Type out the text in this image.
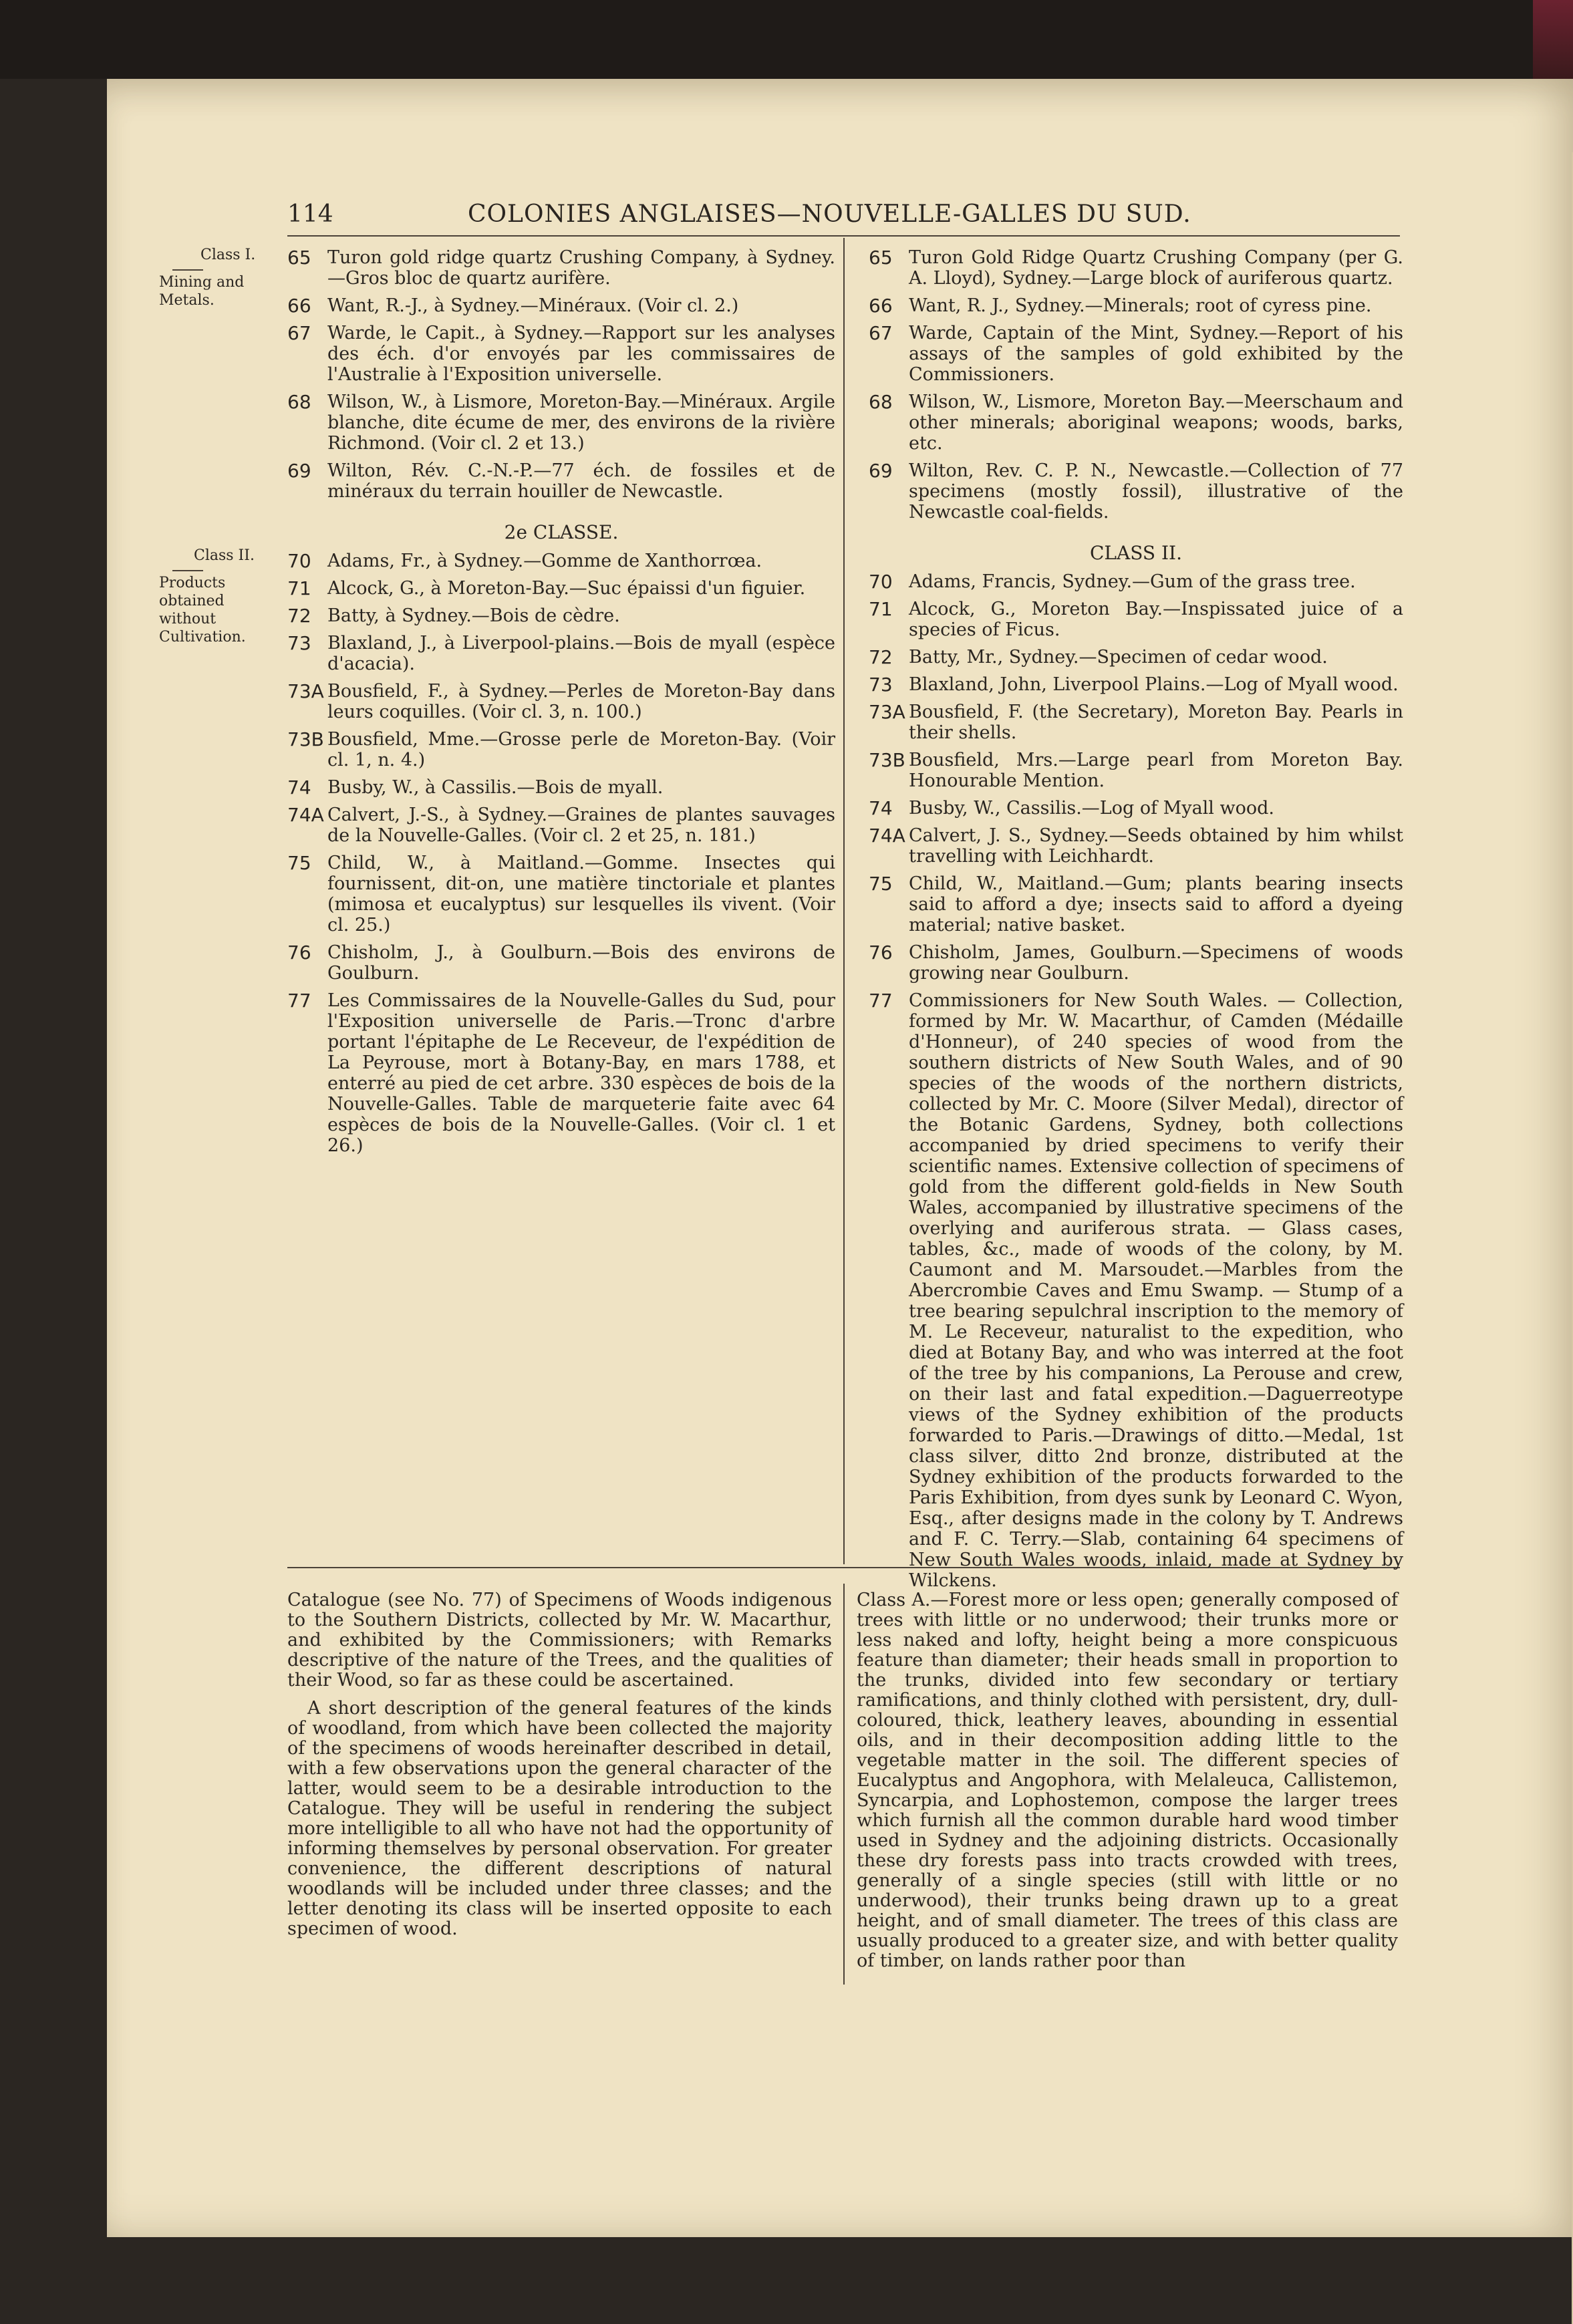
114	COLONIES ANGLAISES—NOUVELLE-GALLES DU SUD.
Class I.
Mining and Metals.
Class II.
Products obtained without Cultivation.
65 Turon gold ridge quartz Crushing Company, à Sydney.—Gros bloc de quartz aurifère.
66 Want, R.-J., à Sydney.—Minéraux. (Voir cl. 2.)
67 Warde, le Capit., à Sydney.—Rapport sur les analyses des éch. d'or envoyés par les commissaires de l'Australie à l'Exposition universelle.
68 Wilson, W., à Lismore, Moreton-Bay.—Minéraux. Argile blanche, dite écume de mer, des environs de la rivière Richmond. (Voir cl. 2 et 13.)
69 Wilton, Rév. C.-N.-P.—77 éch. de fossiles et de minéraux du terrain houiller de Newcastle.
2e CLASSE.
70 Adams, Fr., à Sydney.—Gomme de Xanthorrœa.
71 Alcock, G., à Moreton-Bay.—Suc épaissi d'un figuier.
72 Batty, à Sydney.—Bois de cèdre.
73 Blaxland, J., à Liverpool-plains.—Bois de myall (espèce d'acacia).
73A Bousfield, F., à Sydney.—Perles de Moreton-Bay dans leurs coquilles. (Voir cl. 3, n. 100.)
73B Bousfield, Mme.—Grosse perle de Moreton-Bay. (Voir cl. 1, n. 4.)
74 Busby, W., à Cassilis.—Bois de myall.
74A Calvert, J.-S., à Sydney.—Graines de plantes sauvages de la Nouvelle-Galles. (Voir cl. 2 et 25, n. 181.)
75 Child, W., à Maitland.—Gomme. Insectes qui fournissent, dit-on, une matière tinctoriale et plantes (mimosa et eucalyptus) sur lesquelles ils vivent. (Voir cl. 25.)
76 Chisholm, J., à Goulburn.—Bois des environs de Goulburn.
77 Les Commissaires de la Nouvelle-Galles du Sud, pour l'Exposition universelle de Paris.—Tronc d'arbre portant l'épitaphe de Le Receveur, de l'expédition de La Peyrouse, mort à Botany-Bay, en mars 1788, et enterré au pied de cet arbre. 330 espèces de bois de la Nouvelle-Galles. Table de marqueterie faite avec 64 espèces de bois de la Nouvelle-Galles. (Voir cl. 1 et 26.)
65 Turon Gold Ridge Quartz Crushing Company (per G. A. Lloyd), Sydney.—Large block of auriferous quartz.
66 Want, R. J., Sydney.—Minerals; root of cyress pine.
67 Warde, Captain of the Mint, Sydney.—Report of his assays of the samples of gold exhibited by the Commissioners.
68 Wilson, W., Lismore, Moreton Bay.—Meerschaum and other minerals; aboriginal weapons; woods, barks, etc.
69 Wilton, Rev. C. P. N., Newcastle.—Collection of 77 specimens (mostly fossil), illustrative of the Newcastle coal-fields.
CLASS II.
70 Adams, Francis, Sydney.—Gum of the grass tree.
71 Alcock, G., Moreton Bay.—Inspissated juice of a species of Ficus.
72 Batty, Mr., Sydney.—Specimen of cedar wood.
73 Blaxland, John, Liverpool Plains.—Log of Myall wood.
73A Bousfield, F. (the Secretary), Moreton Bay. Pearls in their shells.
73B Bousfield, Mrs.—Large pearl from Moreton Bay. Honourable Mention.
74 Busby, W., Cassilis.—Log of Myall wood.
74A Calvert, J. S., Sydney.—Seeds obtained by him whilst travelling with Leichhardt.
75 Child, W., Maitland.—Gum; plants bearing insects said to afford a dye; insects said to afford a dyeing material; native basket.
76 Chisholm, James, Goulburn.—Specimens of woods growing near Goulburn.
77 Commissioners for New South Wales. — Collection, formed by Mr. W. Macarthur, of Camden (Médaille d'Honneur), of 240 species of wood from the southern districts of New South Wales, and of 90 species of the woods of the northern districts, collected by Mr. C. Moore (Silver Medal), director of the Botanic Gardens, Sydney, both collections accompanied by dried specimens to verify their scientific names. Extensive collection of specimens of gold from the different gold-fields in New South Wales, accompanied by illustrative specimens of the overlying and auriferous strata. — Glass cases, tables, &c., made of woods of the colony, by M. Caumont and M. Marsoudet.—Marbles from the Abercrombie Caves and Emu Swamp. — Stump of a tree bearing sepulchral inscription to the memory of M. Le Receveur, naturalist to the expedition, who died at Botany Bay, and who was interred at the foot of the tree by his companions, La Perouse and crew, on their last and fatal expedition.—Daguerreotype views of the Sydney exhibition of the products forwarded to Paris.—Drawings of ditto.—Medal, 1st class silver, ditto 2nd bronze, distributed at the Sydney exhibition of the products forwarded to the Paris Exhibition, from dyes sunk by Leonard C. Wyon, Esq., after designs made in the colony by T. Andrews and F. C. Terry.—Slab, containing 64 specimens of New South Wales woods, inlaid, made at Sydney by Wilckens.

Catalogue (see No. 77) of Specimens of Woods indigenous to the Southern Districts, collected by Mr. W. Macarthur, and exhibited by the Commissioners; with Remarks descriptive of the nature of the Trees, and the qualities of their Wood, so far as these could be ascertained.

A short description of the general features of the kinds of woodland, from which have been collected the majority of the specimens of woods hereinafter described in detail, with a few observations upon the general character of the latter, would seem to be a desirable introduction to the Catalogue. They will be useful in rendering the subject more intelligible to all who have not had the opportunity of informing themselves by personal observation. For greater convenience, the different descriptions of natural woodlands will be included under three classes; and the letter denoting its class will be inserted opposite to each specimen of wood.

Class A.—Forest more or less open; generally composed of trees with little or no underwood; their trunks more or less naked and lofty, height being a more conspicuous feature than diameter; their heads small in proportion to the trunks, divided into few secondary or tertiary ramifications, and thinly clothed with persistent, dry, dull-coloured, thick, leathery leaves, abounding in essential oils, and in their decomposition adding little to the vegetable matter in the soil. The different species of Eucalyptus and Angophora, with Melaleuca, Callistemon, Syncarpia, and Lophostemon, compose the larger trees which furnish all the common durable hard wood timber used in Sydney and the adjoining districts. Occasionally these dry forests pass into tracts crowded with trees, generally of a single species (still with little or no underwood), their trunks being drawn up to a great height, and of small diameter. The trees of this class are usually produced to a greater size, and with better quality of timber, on lands rather poor than
